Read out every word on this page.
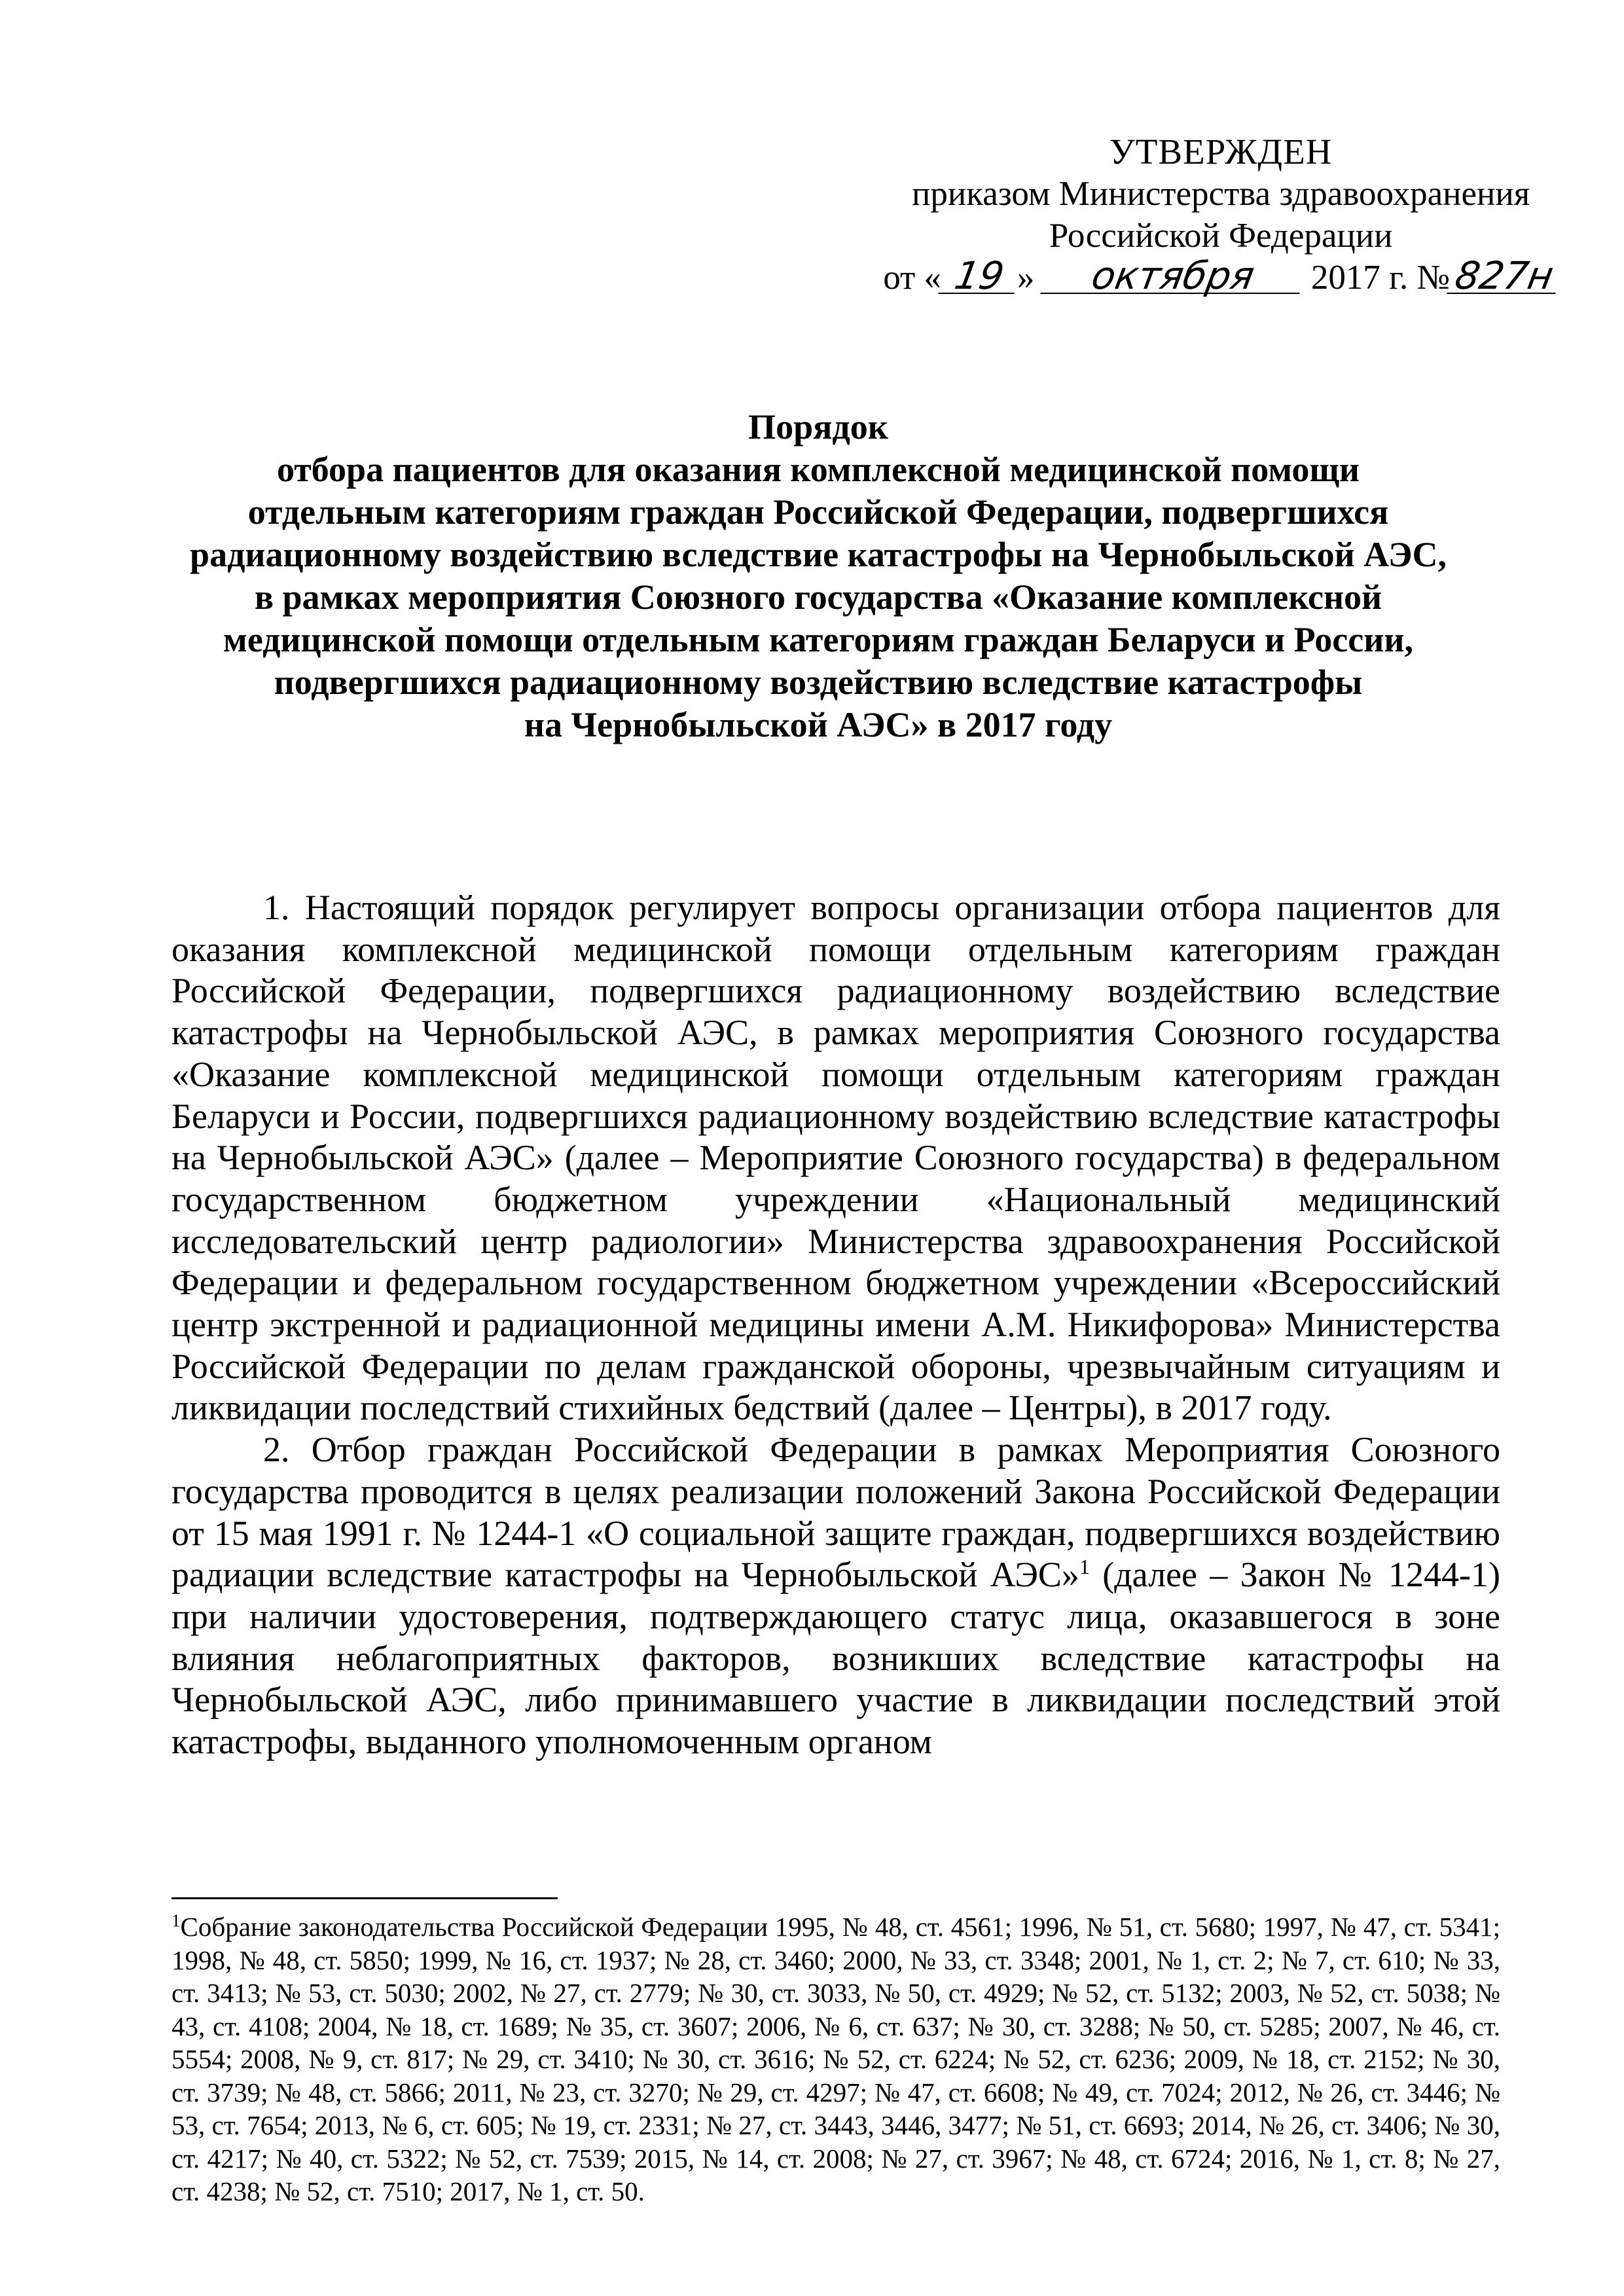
УТВЕРЖДЕН
приказом Министерства здравоохранения
Российской Федерации
от « 19 » октября 2017 г. №827н
Порядок
отбора пациентов для оказания комплексной медицинской помощи
отдельным категориям граждан Российской Федерации, подвергшихся
радиационному воздействию вследствие катастрофы на Чернобыльской АЭС,
в рамках мероприятия Союзного государства «Оказание комплексной
медицинской помощи отдельным категориям граждан Беларуси и России,
подвергшихся радиационному воздействию вследствие катастрофы
на Чернобыльской АЭС» в 2017 году

1. Настоящий порядок регулирует вопросы организации отбора пациентов для оказания комплексной медицинской помощи отдельным категориям граждан Российской Федерации, подвергшихся радиационному воздействию вследствие катастрофы на Чернобыльской АЭС, в рамках мероприятия Союзного государства «Оказание комплексной медицинской помощи отдельным категориям граждан Беларуси и России, подвергшихся радиационному воздействию вследствие катастрофы на Чернобыльской АЭС» (далее – Мероприятие Союзного государства) в федеральном государственном бюджетном учреждении «Национальный медицинский исследовательский центр радиологии» Министерства здравоохранения Российской Федерации и федеральном государственном бюджетном учреждении «Всероссийский центр экстренной и радиационной медицины имени А.М. Никифорова» Министерства Российской Федерации по делам гражданской обороны, чрезвычайным ситуациям и ликвидации последствий стихийных бедствий (далее – Центры), в 2017 году.

2. Отбор граждан Российской Федерации в рамках Мероприятия Союзного государства проводится в целях реализации положений Закона Российской Федерации от 15 мая 1991 г. № 1244-1 «О социальной защите граждан, подвергшихся воздействию радиации вследствие катастрофы на Чернобыльской АЭС»$^1$ (далее – Закон № 1244-1) при наличии удостоверения, подтверждающего статус лица, оказавшегося в зоне влияния неблагоприятных факторов, возникших вследствие катастрофы на Чернобыльской АЭС, либо принимавшего участие в ликвидации последствий этой катастрофы, выданного уполномоченным органом

$^1$Собрание законодательства Российской Федерации 1995, № 48, ст. 4561; 1996, № 51, ст. 5680; 1997, № 47, ст. 5341; 1998, № 48, ст. 5850; 1999, № 16, ст. 1937; № 28, ст. 3460; 2000, № 33, ст. 3348; 2001, № 1, ст. 2; № 7, ст. 610; № 33, ст. 3413; № 53, ст. 5030; 2002, № 27, ст. 2779; № 30, ст. 3033, № 50, ст. 4929; № 52, ст. 5132; 2003, № 52, ст. 5038; № 43, ст. 4108; 2004, № 18, ст. 1689; № 35, ст. 3607; 2006, № 6, ст. 637; № 30, ст. 3288; № 50, ст. 5285; 2007, № 46, ст. 5554; 2008, № 9, ст. 817; № 29, ст. 3410; № 30, ст. 3616; № 52, ст. 6224; № 52, ст. 6236; 2009, № 18, ст. 2152; № 30, ст. 3739; № 48, ст. 5866; 2011, № 23, ст. 3270; № 29, ст. 4297; № 47, ст. 6608; № 49, ст. 7024; 2012, № 26, ст. 3446; № 53, ст. 7654; 2013, № 6, ст. 605; № 19, ст. 2331; № 27, ст. 3443, 3446, 3477; № 51, ст. 6693; 2014, № 26, ст. 3406; № 30, ст. 4217; № 40, ст. 5322; № 52, ст. 7539; 2015, № 14, ст. 2008; № 27, ст. 3967; № 48, ст. 6724; 2016, № 1, ст. 8; № 27, ст. 4238; № 52, ст. 7510; 2017, № 1, ст. 50.
